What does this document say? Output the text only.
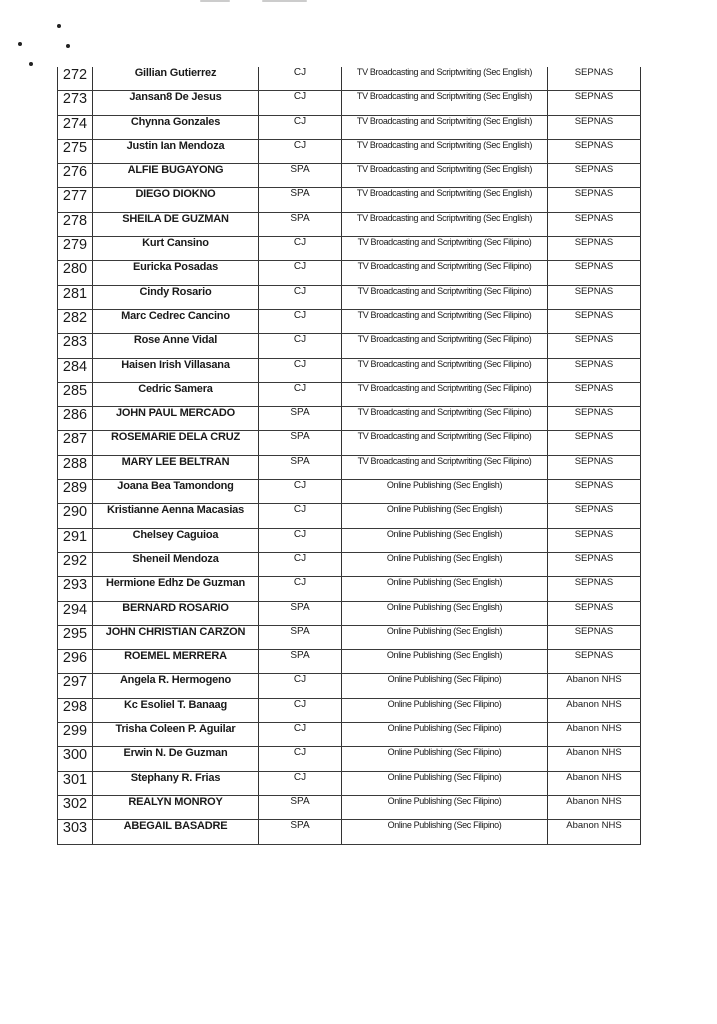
272	Gillian Gutierrez	CJ	TV Broadcasting and Scriptwriting (Sec English)	SEPNAS
273	Jansan8 De Jesus	CJ	TV Broadcasting and Scriptwriting (Sec English)	SEPNAS
274	Chynna Gonzales	CJ	TV Broadcasting and Scriptwriting (Sec English)	SEPNAS
275	Justin Ian Mendoza	CJ	TV Broadcasting and Scriptwriting (Sec English)	SEPNAS
276	ALFIE BUGAYONG	SPA	TV Broadcasting and Scriptwriting (Sec English)	SEPNAS
277	DIEGO DIOKNO	SPA	TV Broadcasting and Scriptwriting (Sec English)	SEPNAS
278	SHEILA DE GUZMAN	SPA	TV Broadcasting and Scriptwriting (Sec English)	SEPNAS
279	Kurt Cansino	CJ	TV Broadcasting and Scriptwriting (Sec Filipino)	SEPNAS
280	Euricka Posadas	CJ	TV Broadcasting and Scriptwriting (Sec Filipino)	SEPNAS
281	Cindy Rosario	CJ	TV Broadcasting and Scriptwriting (Sec Filipino)	SEPNAS
282	Marc Cedrec Cancino	CJ	TV Broadcasting and Scriptwriting (Sec Filipino)	SEPNAS
283	Rose Anne Vidal	CJ	TV Broadcasting and Scriptwriting (Sec Filipino)	SEPNAS
284	Haisen Irish Villasana	CJ	TV Broadcasting and Scriptwriting (Sec Filipino)	SEPNAS
285	Cedric Samera	CJ	TV Broadcasting and Scriptwriting (Sec Filipino)	SEPNAS
286	JOHN PAUL MERCADO	SPA	TV Broadcasting and Scriptwriting (Sec Filipino)	SEPNAS
287	ROSEMARIE DELA CRUZ	SPA	TV Broadcasting and Scriptwriting (Sec Filipino)	SEPNAS
288	MARY LEE BELTRAN	SPA	TV Broadcasting and Scriptwriting (Sec Filipino)	SEPNAS
289	Joana Bea Tamondong	CJ	Online Publishing (Sec English)	SEPNAS
290	Kristianne Aenna Macasias	CJ	Online Publishing (Sec English)	SEPNAS
291	Chelsey Caguioa	CJ	Online Publishing (Sec English)	SEPNAS
292	Sheneil Mendoza	CJ	Online Publishing (Sec English)	SEPNAS
293	Hermione Edhz De Guzman	CJ	Online Publishing (Sec English)	SEPNAS
294	BERNARD ROSARIO	SPA	Online Publishing (Sec English)	SEPNAS
295	JOHN CHRISTIAN CARZON	SPA	Online Publishing (Sec English)	SEPNAS
296	ROEMEL MERRERA	SPA	Online Publishing (Sec English)	SEPNAS
297	Angela R. Hermogeno	CJ	Online Publishing (Sec Filipino)	Abanon NHS
298	Kc Esoliel T. Banaag	CJ	Online Publishing (Sec Filipino)	Abanon NHS
299	Trisha Coleen P. Aguilar	CJ	Online Publishing (Sec Filipino)	Abanon NHS
300	Erwin N. De Guzman	CJ	Online Publishing (Sec Filipino)	Abanon NHS
301	Stephany R. Frias	CJ	Online Publishing (Sec Filipino)	Abanon NHS
302	REALYN MONROY	SPA	Online Publishing (Sec Filipino)	Abanon NHS
303	ABEGAIL BASADRE	SPA	Online Publishing (Sec Filipino)	Abanon NHS
